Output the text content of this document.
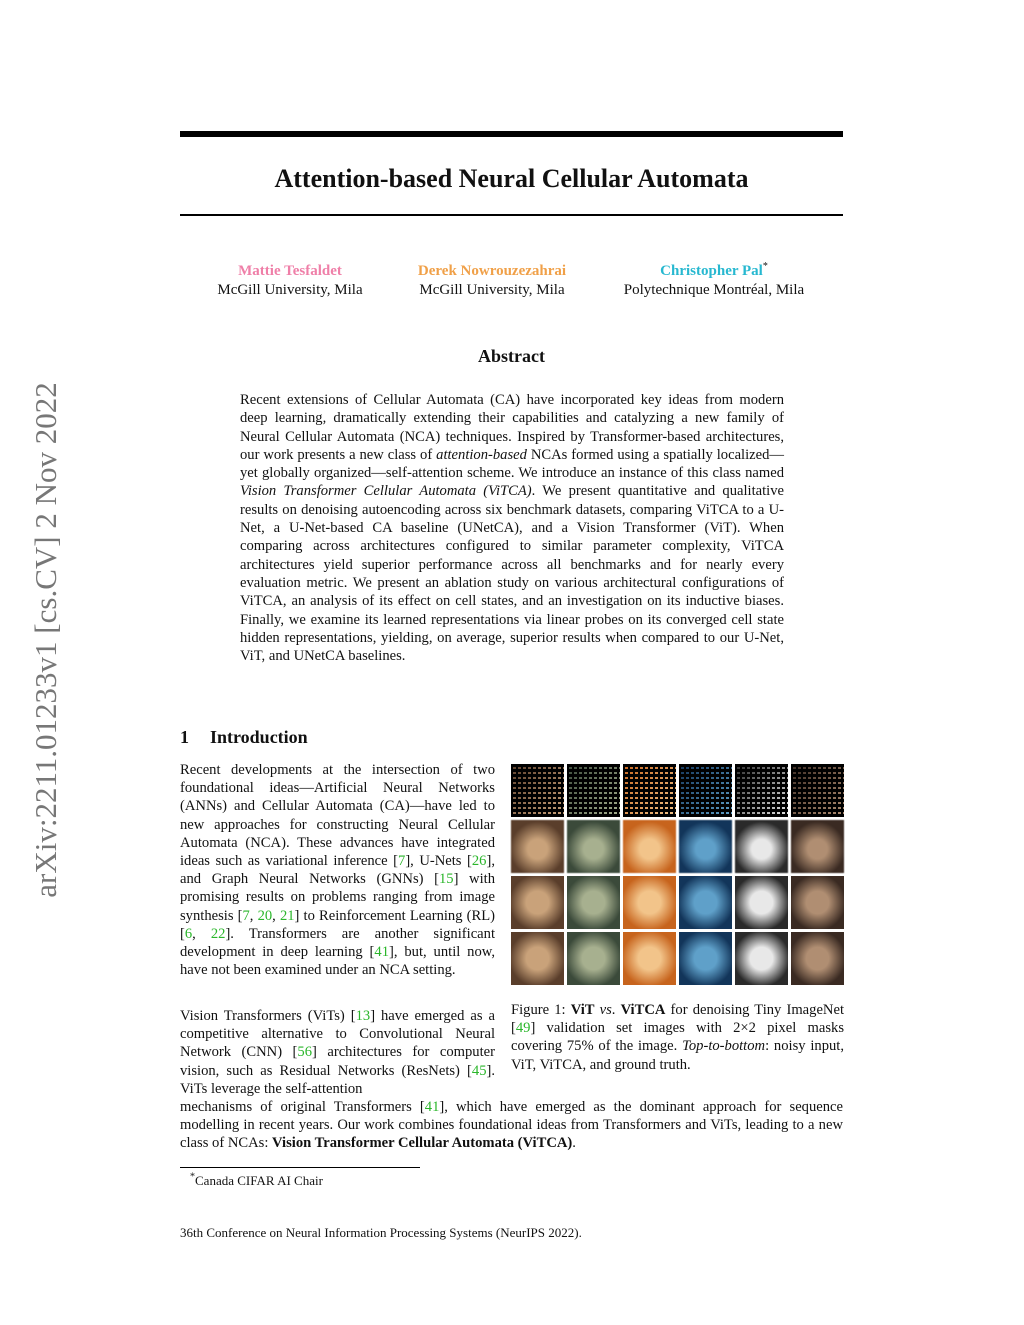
arXiv:2211.01233v1 [cs.CV] 2 Nov 2022
Attention-based Neural Cellular Automata
Mattie Tesfaldet
McGill University, Mila
Derek Nowrouzezahrai
McGill University, Mila
Christopher Pal*
Polytechnique Montréal, Mila
Abstract
Recent extensions of Cellular Automata (CA) have incorporated key ideas from modern deep learning, dramatically extending their capabilities and catalyzing a new family of Neural Cellular Automata (NCA) techniques. Inspired by Transformer-based architectures, our work presents a new class of attention-based NCAs formed using a spatially localized—yet globally organized—self-attention scheme. We introduce an instance of this class named Vision Transformer Cellular Automata (ViTCA). We present quantitative and qualitative results on denoising autoencoding across six benchmark datasets, comparing ViTCA to a U-Net, a U-Net-based CA baseline (UNetCA), and a Vision Transformer (ViT). When comparing across architectures configured to similar parameter complexity, ViTCA architectures yield superior performance across all benchmarks and for nearly every evaluation metric. We present an ablation study on various architectural configurations of ViTCA, an analysis of its effect on cell states, and an investigation on its inductive biases. Finally, we examine its learned representations via linear probes on its converged cell state hidden representations, yielding, on average, superior results when compared to our U-Net, ViT, and UNetCA baselines.
1 Introduction
Recent developments at the intersection of two foundational ideas—Artificial Neural Networks (ANNs) and Cellular Automata (CA)—have led to new approaches for constructing Neural Cellular Automata (NCA). These advances have integrated ideas such as variational inference [7], U-Nets [26], and Graph Neural Networks (GNNs) [15] with promising results on problems ranging from image synthesis [7, 20, 21] to Reinforcement Learning (RL) [6, 22]. Transformers are another significant development in deep learning [41], but, until now, have not been examined under an NCA setting.
Vision Transformers (ViTs) [13] have emerged as a competitive alternative to Convolutional Neural Network (CNN) [56] architectures for computer vision, such as Residual Networks (ResNets) [45]. ViTs leverage the self-attention
mechanisms of original Transformers [41], which have emerged as the dominant approach for sequence modelling in recent years. Our work combines foundational ideas from Transformers and ViTs, leading to a new class of NCAs: Vision Transformer Cellular Automata (ViTCA).
Figure 1: ViT vs. ViTCA for denoising Tiny ImageNet [49] validation set images with 2×2 pixel masks covering 75% of the image. Top-to-bottom: noisy input, ViT, ViTCA, and ground truth.
*Canada CIFAR AI Chair
36th Conference on Neural Information Processing Systems (NeurIPS 2022).
